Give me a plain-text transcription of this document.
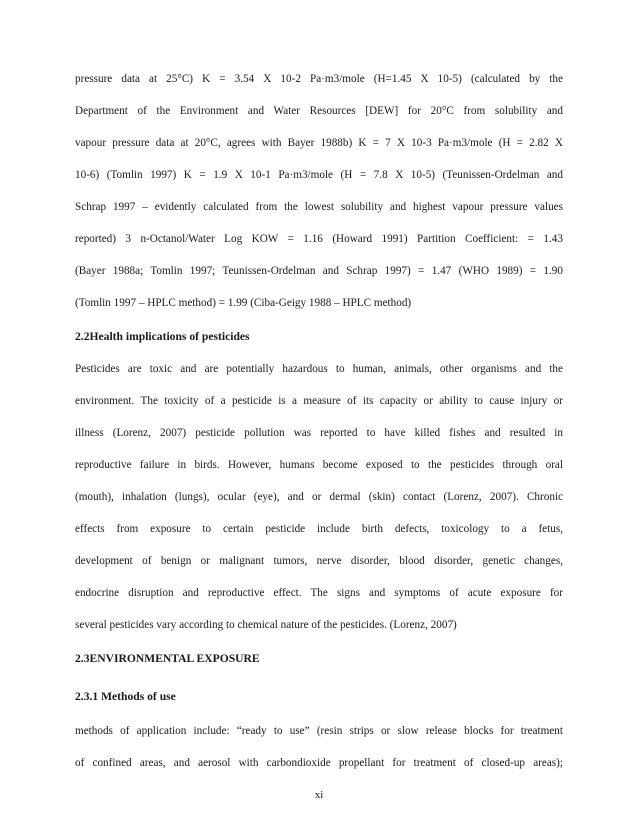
pressure data at 25°C) K = 3.54 X 10-2 Pa·m3/mole (H=1.45 X 10-5) (calculated by the
Department of the Environment and Water Resources [DEW] for 20°C from solubility and
vapour pressure data at 20°C, agrees with Bayer 1988b) K = 7 X 10-3 Pa·m3/mole (H = 2.82 X
10-6) (Tomlin 1997) K = 1.9 X 10-1 Pa·m3/mole (H = 7.8 X 10-5) (Teunissen-Ordelman and
Schrap 1997 – evidently calculated from the lowest solubility and highest vapour pressure values
reported) 3 n-Octanol/Water Log KOW = 1.16 (Howard 1991) Partition Coefficient: = 1.43
(Bayer 1988a; Tomlin 1997; Teunissen-Ordelman and Schrap 1997) = 1.47 (WHO 1989) = 1.90
(Tomlin 1997 – HPLC method) = 1.99 (Ciba-Geigy 1988 – HPLC method)
2.2Health implications of pesticides
Pesticides are toxic and are potentially hazardous to human, animals, other organisms and the
environment. The toxicity of a pesticide is a measure of its capacity or ability to cause injury or
illness (Lorenz, 2007) pesticide pollution was reported to have killed fishes and resulted in
reproductive failure in birds. However, humans become exposed to the pesticides through oral
(mouth), inhalation (lungs), ocular (eye), and or dermal (skin) contact (Lorenz, 2007). Chronic
effects from exposure to certain pesticide include birth defects, toxicology to a fetus,
development of benign or malignant tumors, nerve disorder, blood disorder, genetic changes,
endocrine disruption and reproductive effect. The signs and symptoms of acute exposure for
several pesticides vary according to chemical nature of the pesticides. (Lorenz, 2007)
2.3ENVIRONMENTAL EXPOSURE
2.3.1 Methods of use
methods of application include: “ready to use” (resin strips or slow release blocks for treatment
of confined areas, and aerosol with carbondioxide propellant for treatment of closed-up areas);
xi
